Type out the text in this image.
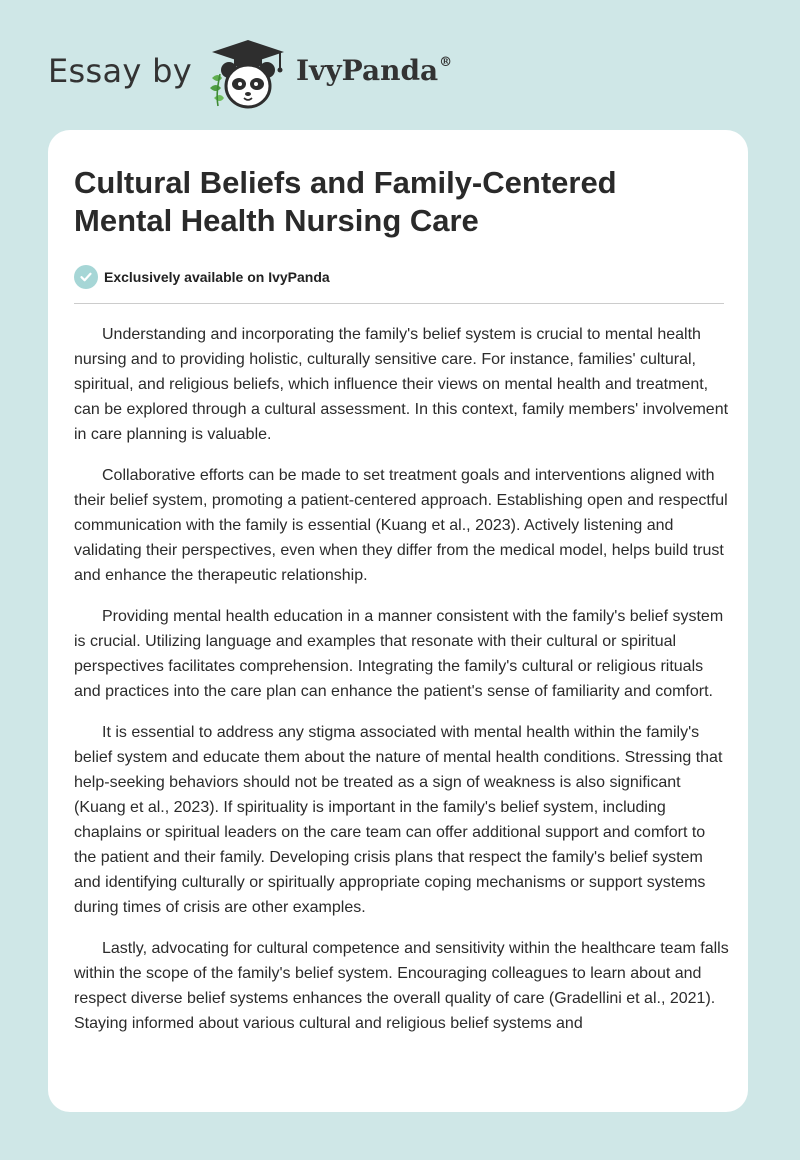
Essay by	IvyPanda®
Cultural Beliefs and Family-Centered Mental Health Nursing Care
Exclusively available on IvyPanda

Understanding and incorporating the family's belief system is crucial to mental health nursing and to providing holistic, culturally sensitive care. For instance, families' cultural, spiritual, and religious beliefs, which influence their views on mental health and treatment, can be explored through a cultural assessment. In this context, family members' involvement in care planning is valuable.

Collaborative efforts can be made to set treatment goals and interventions aligned with their belief system, promoting a patient-centered approach. Establishing open and respectful communication with the family is essential (Kuang et al., 2023). Actively listening and validating their perspectives, even when they differ from the medical model, helps build trust and enhance the therapeutic relationship.

Providing mental health education in a manner consistent with the family's belief system is crucial. Utilizing language and examples that resonate with their cultural or spiritual perspectives facilitates comprehension. Integrating the family's cultural or religious rituals and practices into the care plan can enhance the patient's sense of familiarity and comfort.

It is essential to address any stigma associated with mental health within the family's belief system and educate them about the nature of mental health conditions. Stressing that help-seeking behaviors should not be treated as a sign of weakness is also significant (Kuang et al., 2023). If spirituality is important in the family's belief system, including chaplains or spiritual leaders on the care team can offer additional support and comfort to the patient and their family. Developing crisis plans that respect the family's belief system and identifying culturally or spiritually appropriate coping mechanisms or support systems during times of crisis are other examples.

Lastly, advocating for cultural competence and sensitivity within the healthcare team falls within the scope of the family's belief system. Encouraging colleagues to learn about and respect diverse belief systems enhances the overall quality of care (Gradellini et al., 2021). Staying informed about various cultural and religious belief systems and
